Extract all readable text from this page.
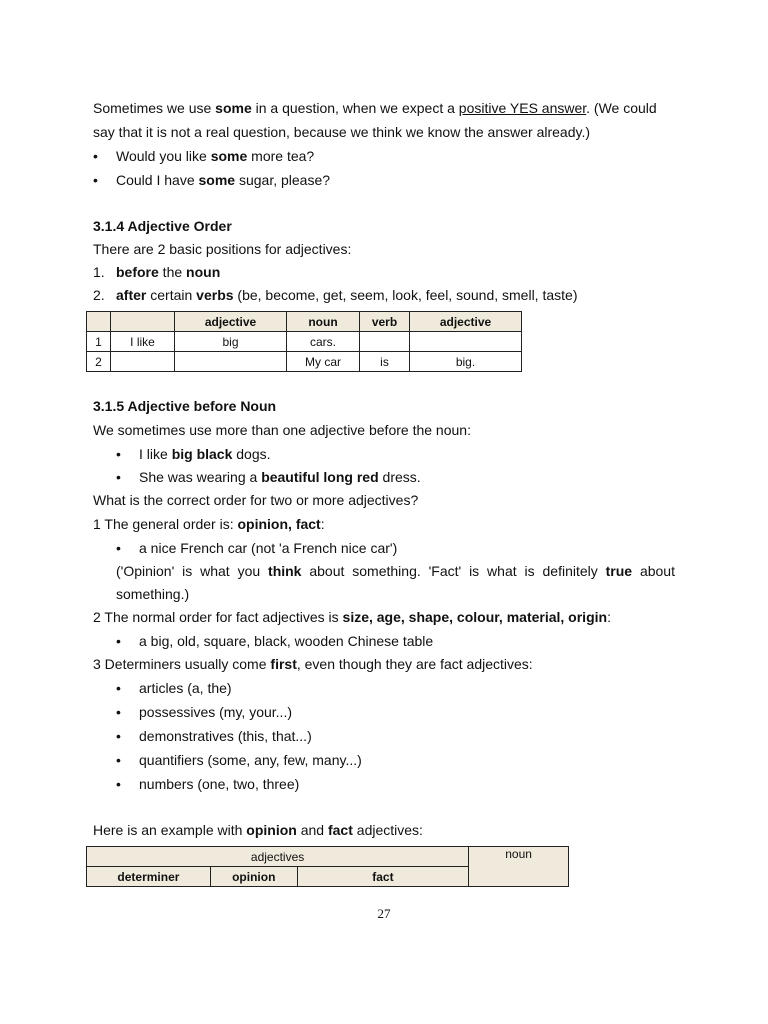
Sometimes we use some in a question, when we expect a positive YES answer. (We could
say that it is not a real question, because we think we know the answer already.)
• Would you like some more tea?
• Could I have some sugar, please?
3.1.4 Adjective Order
There are 2 basic positions for adjectives:
1. before the noun
2. after certain verbs (be, become, get, seem, look, feel, sound, smell, taste)
		adjective	noun	verb	adjective
1	I like	big	cars.		
2			My car	is	big.
3.1.5 Adjective before Noun
We sometimes use more than one adjective before the noun:
• I like big black dogs.
• She was wearing a beautiful long red dress.
What is the correct order for two or more adjectives?
1 The general order is: opinion, fact:
• a nice French car (not 'a French nice car')
('Opinion' is what you think about something. 'Fact' is what is definitely true about
something.)
2 The normal order for fact adjectives is size, age, shape, colour, material, origin:
• a big, old, square, black, wooden Chinese table
3 Determiners usually come first, even though they are fact adjectives:
• articles (a, the)
• possessives (my, your...)
• demonstratives (this, that...)
• quantifiers (some, any, few, many...)
• numbers (one, two, three)
Here is an example with opinion and fact adjectives:
adjectives			noun
determiner	opinion	fact	
27
